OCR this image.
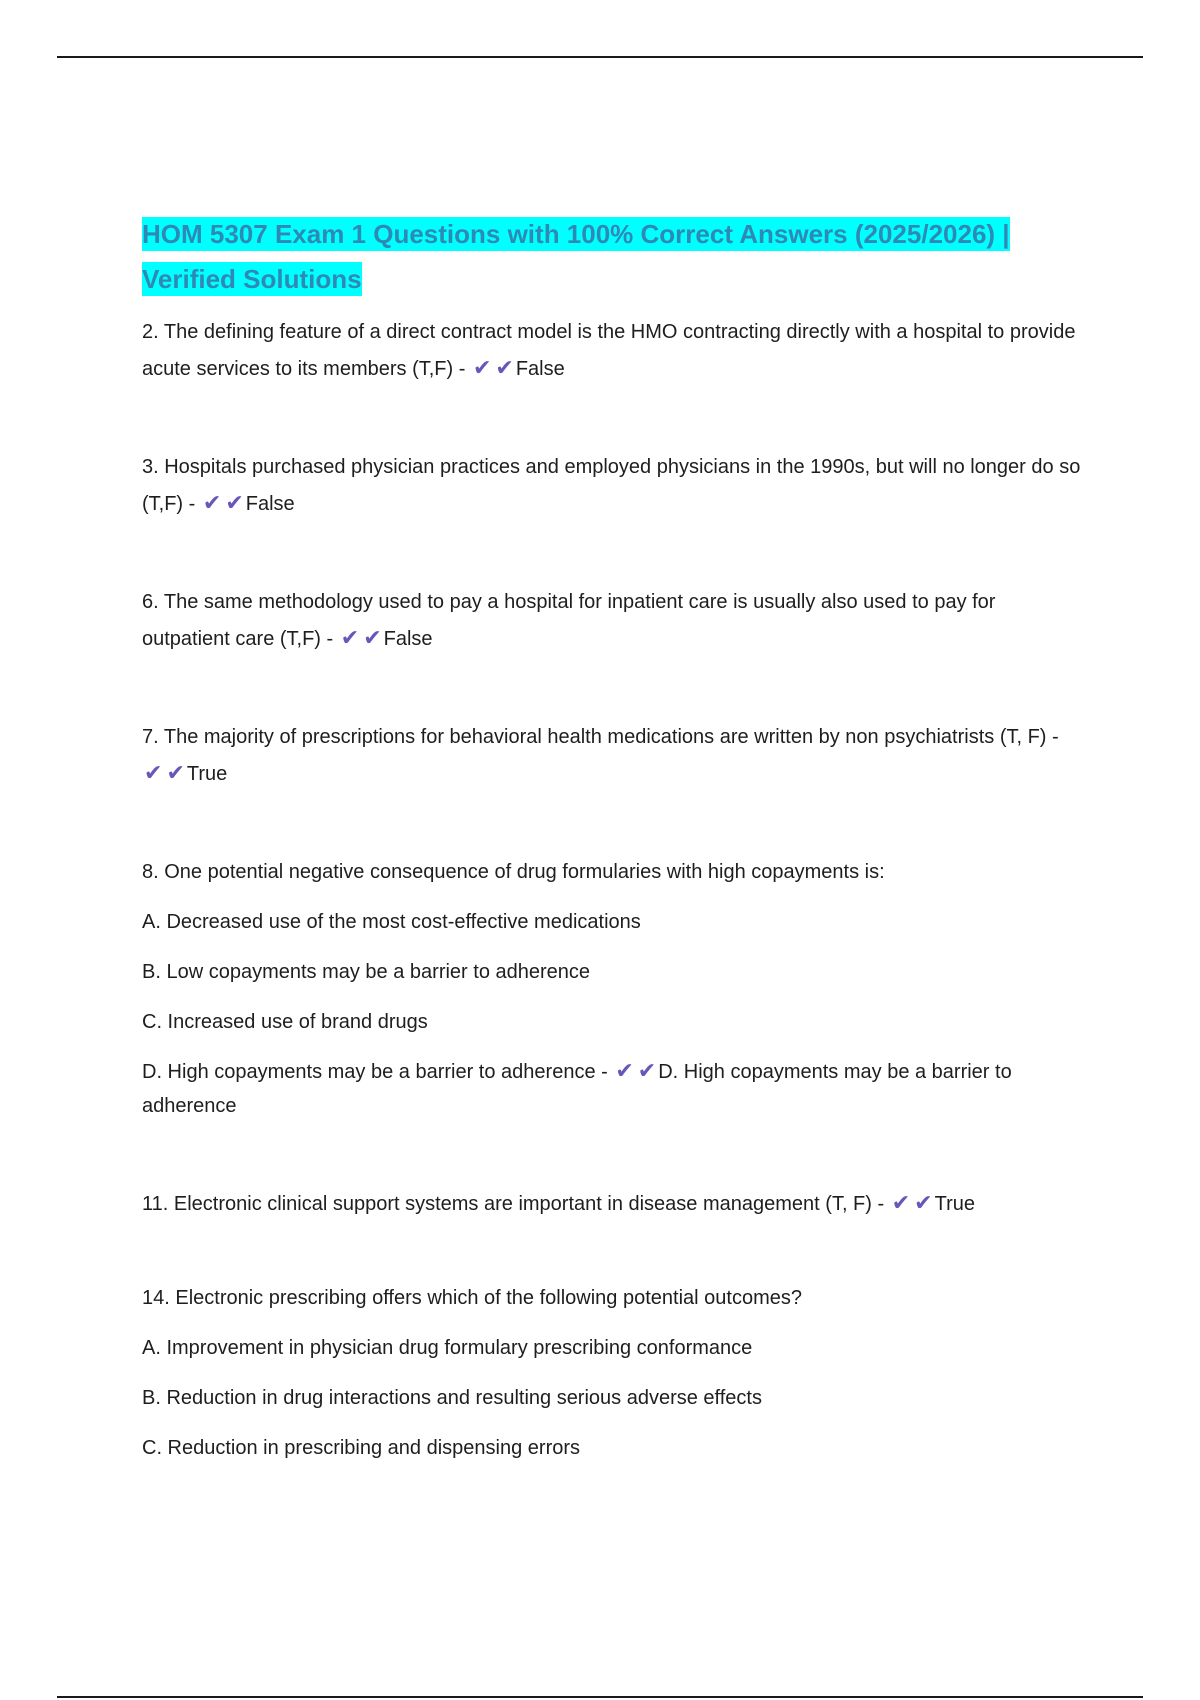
HOM 5307 Exam 1 Questions with 100% Correct Answers (2025/2026) | Verified Solutions

2. The defining feature of a direct contract model is the HMO contracting directly with a hospital to provide acute services to its members (T,F) - ✔ ✔ False

3. Hospitals purchased physician practices and employed physicians in the 1990s, but will no longer do so (T,F) - ✔ ✔ False

6. The same methodology used to pay a hospital for inpatient care is usually also used to pay for outpatient care (T,F) - ✔ ✔ False

7. The majority of prescriptions for behavioral health medications are written by non psychiatrists (T, F) - ✔ ✔ True

8. One potential negative consequence of drug formularies with high copayments is:

A. Decreased use of the most cost-effective medications

B. Low copayments may be a barrier to adherence

C. Increased use of brand drugs

D. High copayments may be a barrier to adherence - ✔ ✔ D. High copayments may be a barrier to adherence

11. Electronic clinical support systems are important in disease management (T, F) - ✔ ✔ True

14. Electronic prescribing offers which of the following potential outcomes?

A. Improvement in physician drug formulary prescribing conformance

B. Reduction in drug interactions and resulting serious adverse effects

C. Reduction in prescribing and dispensing errors
